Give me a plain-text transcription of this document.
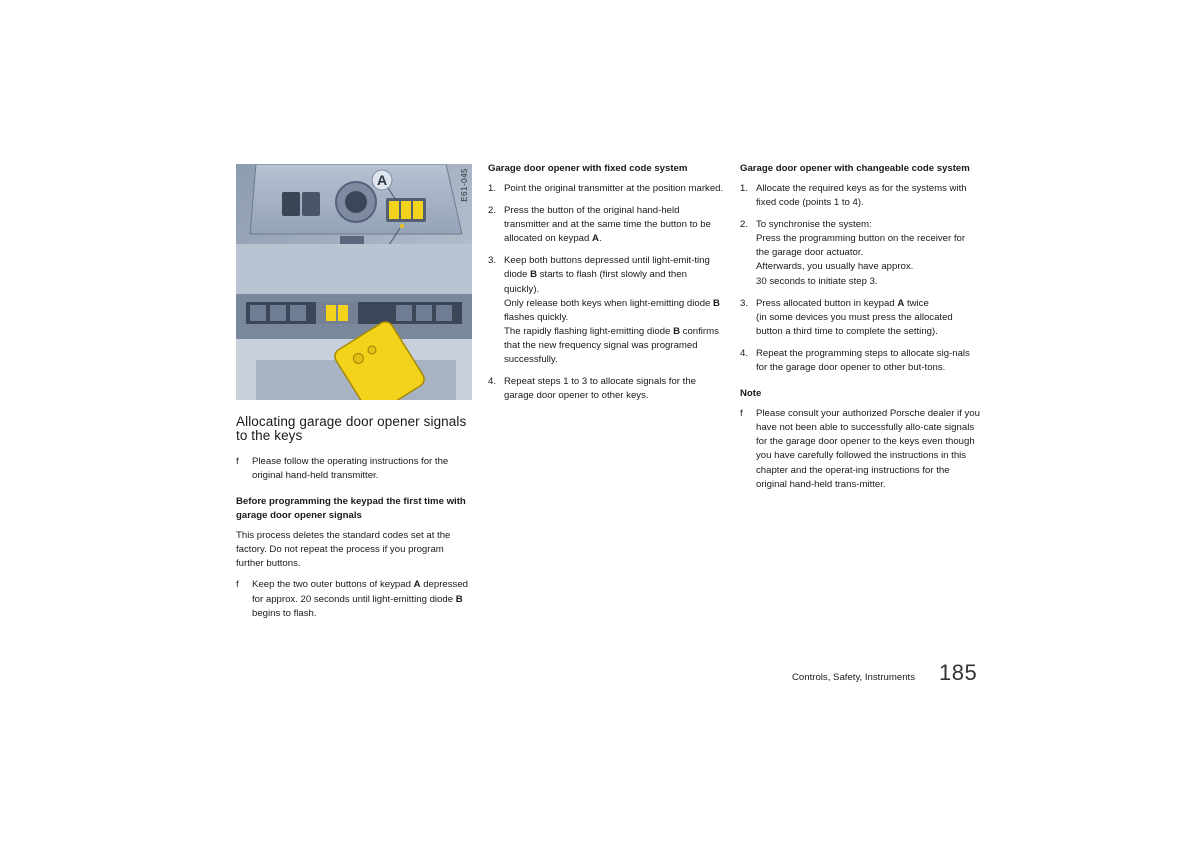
A	E61-045
Allocating garage door opener signals to the keys
f Please follow the operating instructions for the original hand-held transmitter.
Before programming the keypad the first time with garage door opener signals

This process deletes the standard codes set at the factory. Do not repeat the process if you program further buttons.

f Keep the two outer buttons of keypad A depressed for approx. 20 seconds until light-emitting diode B begins to flash.
Garage door opener with fixed code system
1. Point the original transmitter at the position marked.
2. Press the button of the original hand-held transmitter and at the same time the button to be allocated on keypad A.
3. Keep both buttons depressed until light-emit-ting diode B starts to flash (first slowly and then quickly).
Only release both keys when light-emitting diode B flashes quickly.
The rapidly flashing light-emitting diode B confirms that the new frequency signal was programed successfully.
4. Repeat steps 1 to 3 to allocate signals for the garage door opener to other keys.
Garage door opener with changeable code system
1. Allocate the required keys as for the systems with fixed code (points 1 to 4).
2. To synchronise the system:
Press the programming button on the receiver for the garage door actuator.
Afterwards, you usually have approx.
30 seconds to initiate step 3.
3. Press allocated button in keypad A twice
(in some devices you must press the allocated button a third time to complete the setting).
4. Repeat the programming steps to allocate sig-nals for the garage door opener to other but-tons.
Note
f Please consult your authorized Porsche dealer if you have not been able to successfully allo-cate signals for the garage door opener to the keys even though you have carefully followed the instructions in this chapter and the operat-ing instructions for the original hand-held trans-mitter.
Controls, Safety, Instruments 185
